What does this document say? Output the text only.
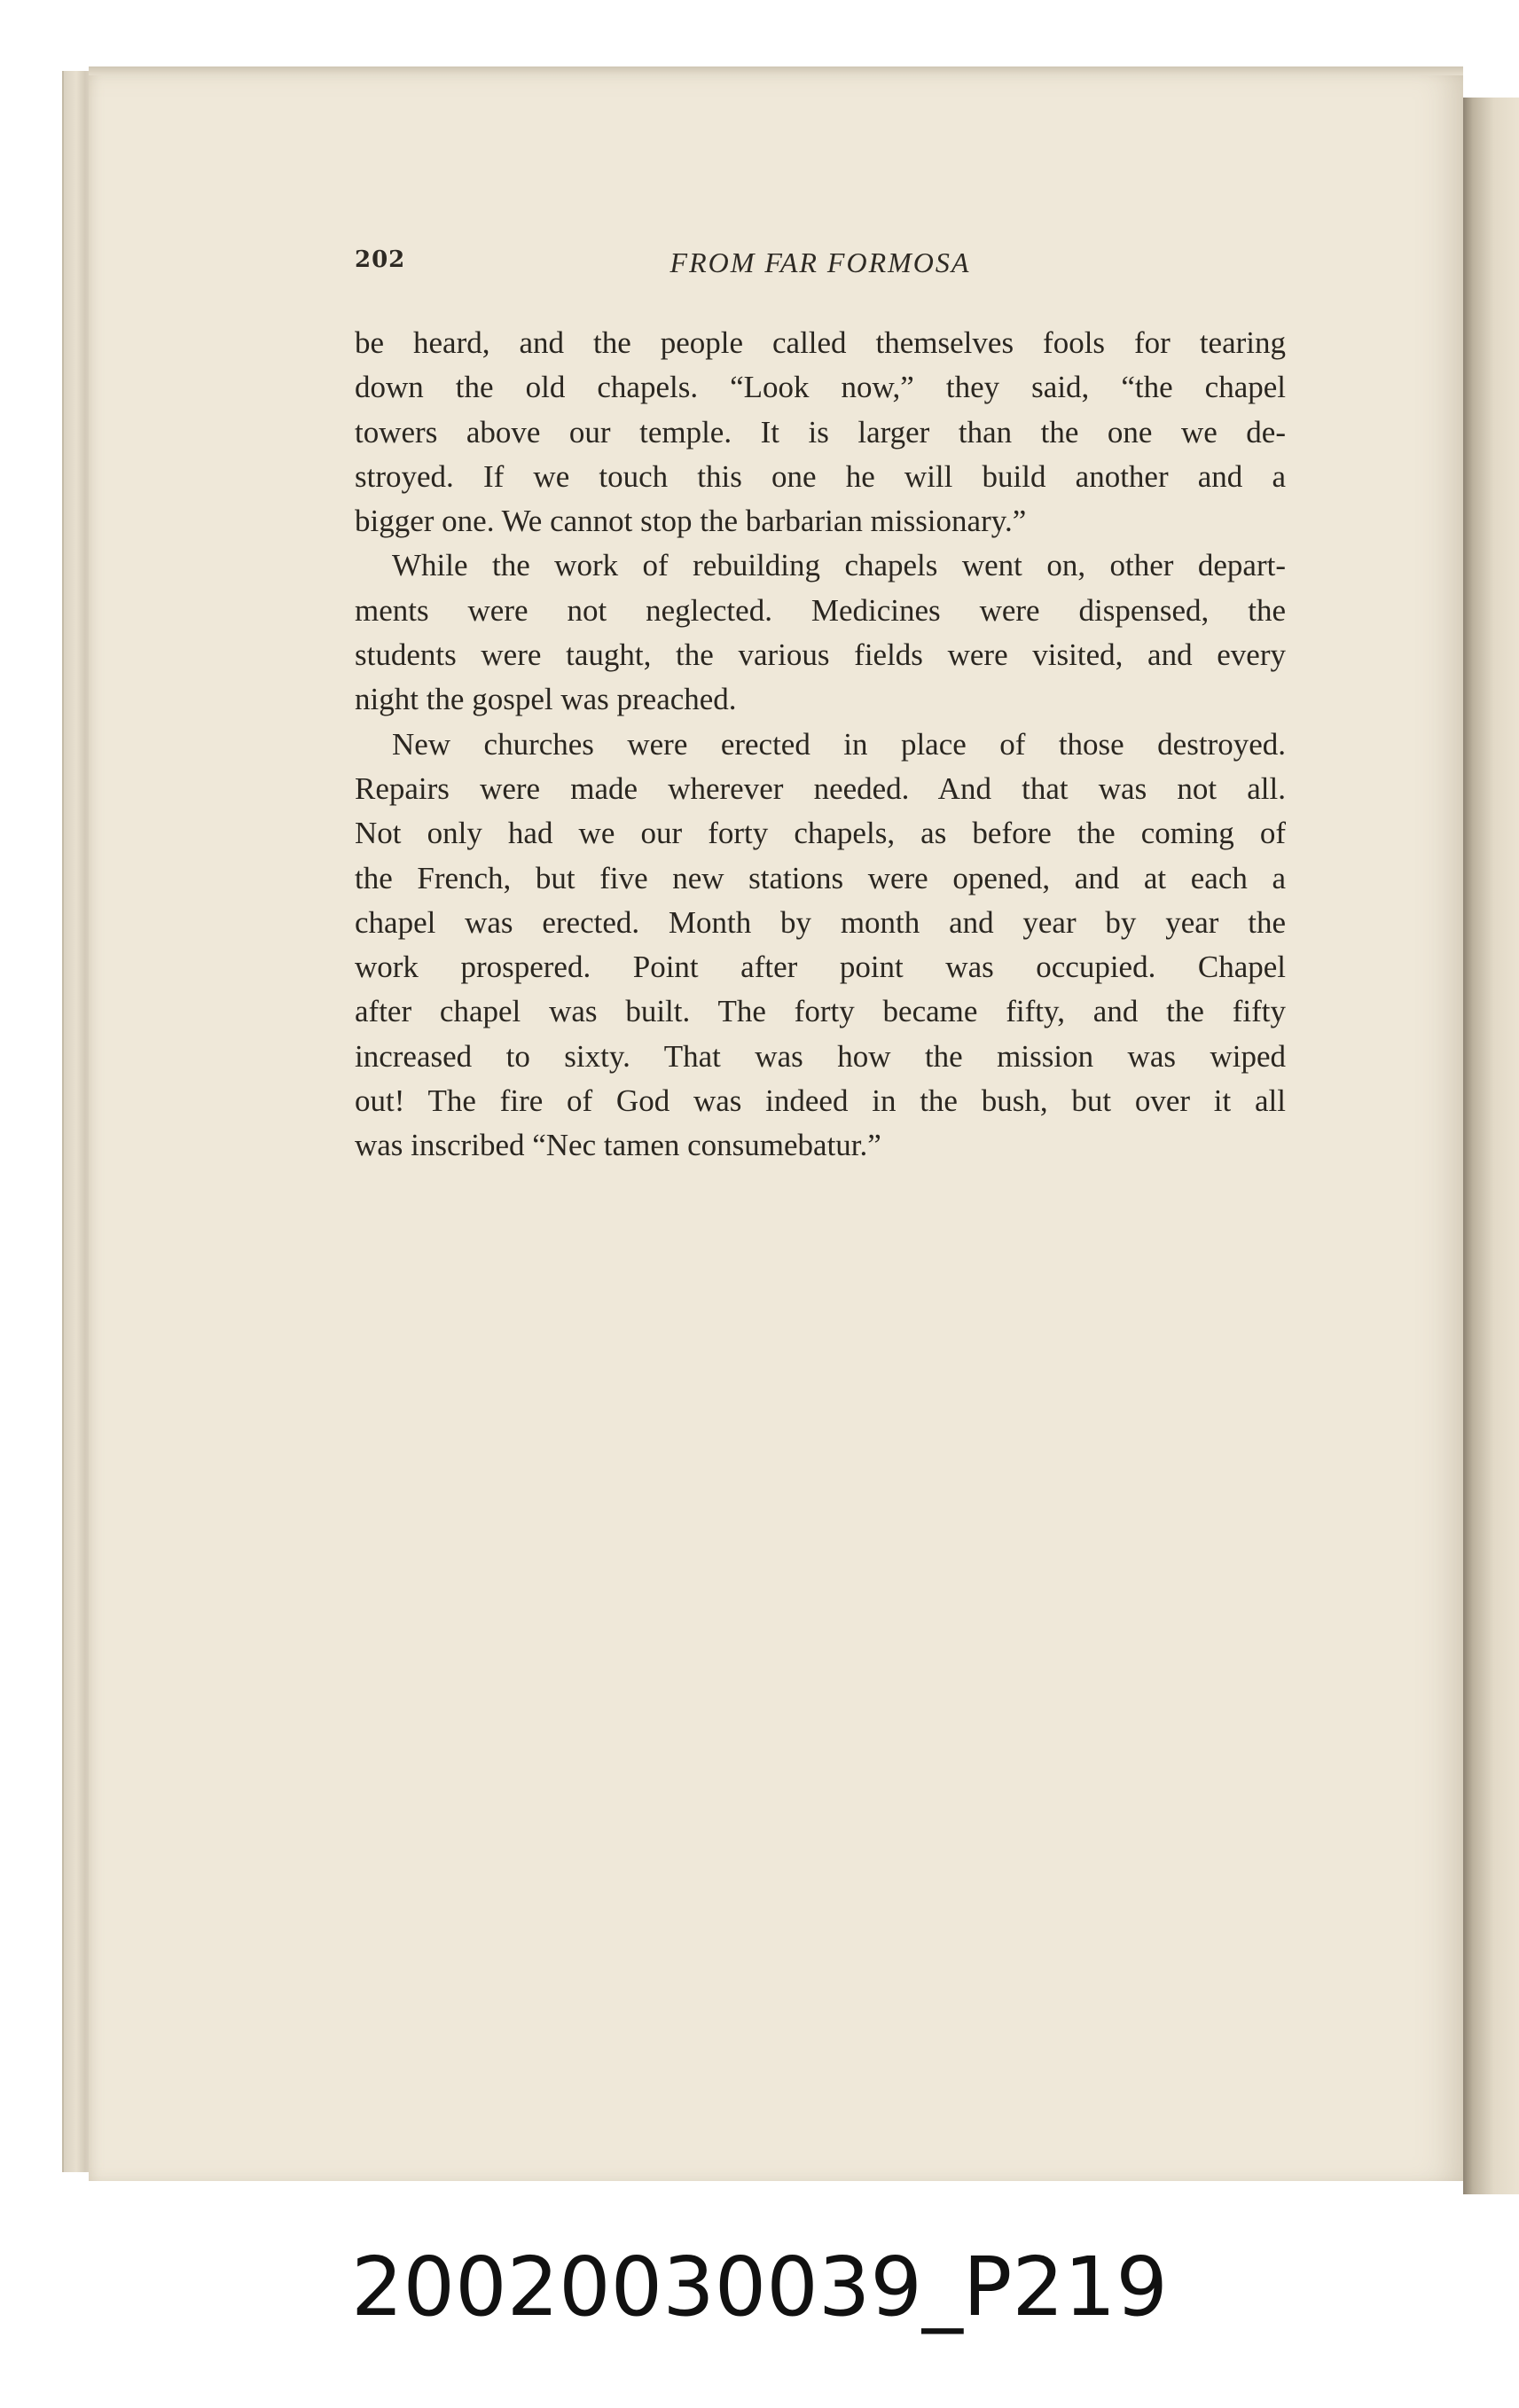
202	FROM FAR FORMOSA
be heard, and the people called themselves fools for tearing
down the old chapels. “Look now,” they said, “the chapel
towers above our temple. It is larger than the one we de-
stroyed. If we touch this one he will build another and a
bigger one. We cannot stop the barbarian missionary.”
While the work of rebuilding chapels went on, other depart-
ments were not neglected. Medicines were dispensed, the
students were taught, the various fields were visited, and every
night the gospel was preached.
New churches were erected in place of those destroyed.
Repairs were made wherever needed. And that was not all.
Not only had we our forty chapels, as before the coming of
the French, but five new stations were opened, and at each a
chapel was erected. Month by month and year by year the
work prospered. Point after point was occupied. Chapel
after chapel was built. The forty became fifty, and the fifty
increased to sixty. That was how the mission was wiped
out! The fire of God was indeed in the bush, but over it all
was inscribed “Nec tamen consumebatur.”
20020030039_P219
